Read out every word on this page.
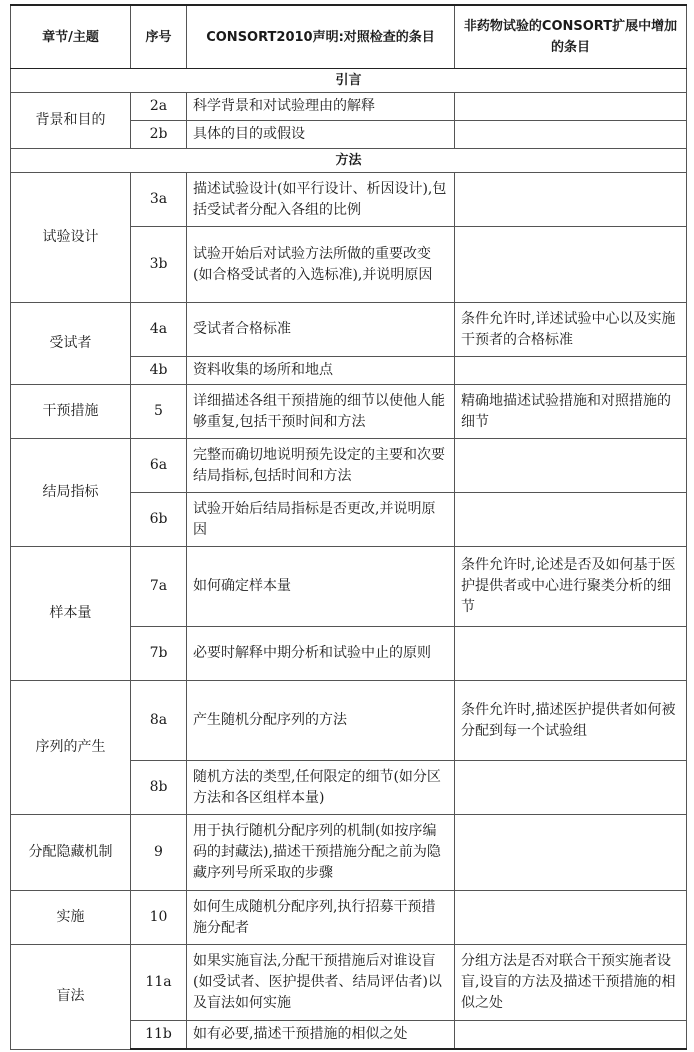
章节/主题	序号	CONSORT2010声明:对照检查的条目	非药物试验的CONSORT扩展中增加的条目
引言			
背景和目的	2a	科学背景和对试验理由的解释	
	2b	具体的目的或假设	
方法			
试验设计	3a	描述试验设计(如平行设计、析因设计),包括受试者分配入各组的比例	
	3b	试验开始后对试验方法所做的重要改变(如合格受试者的入选标准),并说明原因	
受试者	4a	受试者合格标准	条件允许时,详述试验中心以及实施干预者的合格标准
	4b	资料收集的场所和地点	
干预措施	5	详细描述各组干预措施的细节以使他人能够重复,包括干预时间和方法	精确地描述试验措施和对照措施的细节
结局指标	6a	完整而确切地说明预先设定的主要和次要结局指标,包括时间和方法	
	6b	试验开始后结局指标是否更改,并说明原因	
样本量	7a	如何确定样本量	条件允许时,论述是否及如何基于医护提供者或中心进行聚类分析的细节
	7b	必要时解释中期分析和试验中止的原则	
序列的产生	8a	产生随机分配序列的方法	条件允许时,描述医护提供者如何被分配到每一个试验组
	8b	随机方法的类型,任何限定的细节(如分区方法和各区组样本量)	
分配隐藏机制	9	用于执行随机分配序列的机制(如按序编码的封藏法),描述干预措施分配之前为隐藏序列号所采取的步骤	
实施	10	如何生成随机分配序列,执行招募干预措施分配者	
盲法	11a	如果实施盲法,分配干预措施后对谁设盲(如受试者、医护提供者、结局评估者)以及盲法如何实施	分组方法是否对联合干预实施者设盲,设盲的方法及描述干预措施的相似之处
	11b	如有必要,描述干预措施的相似之处	
